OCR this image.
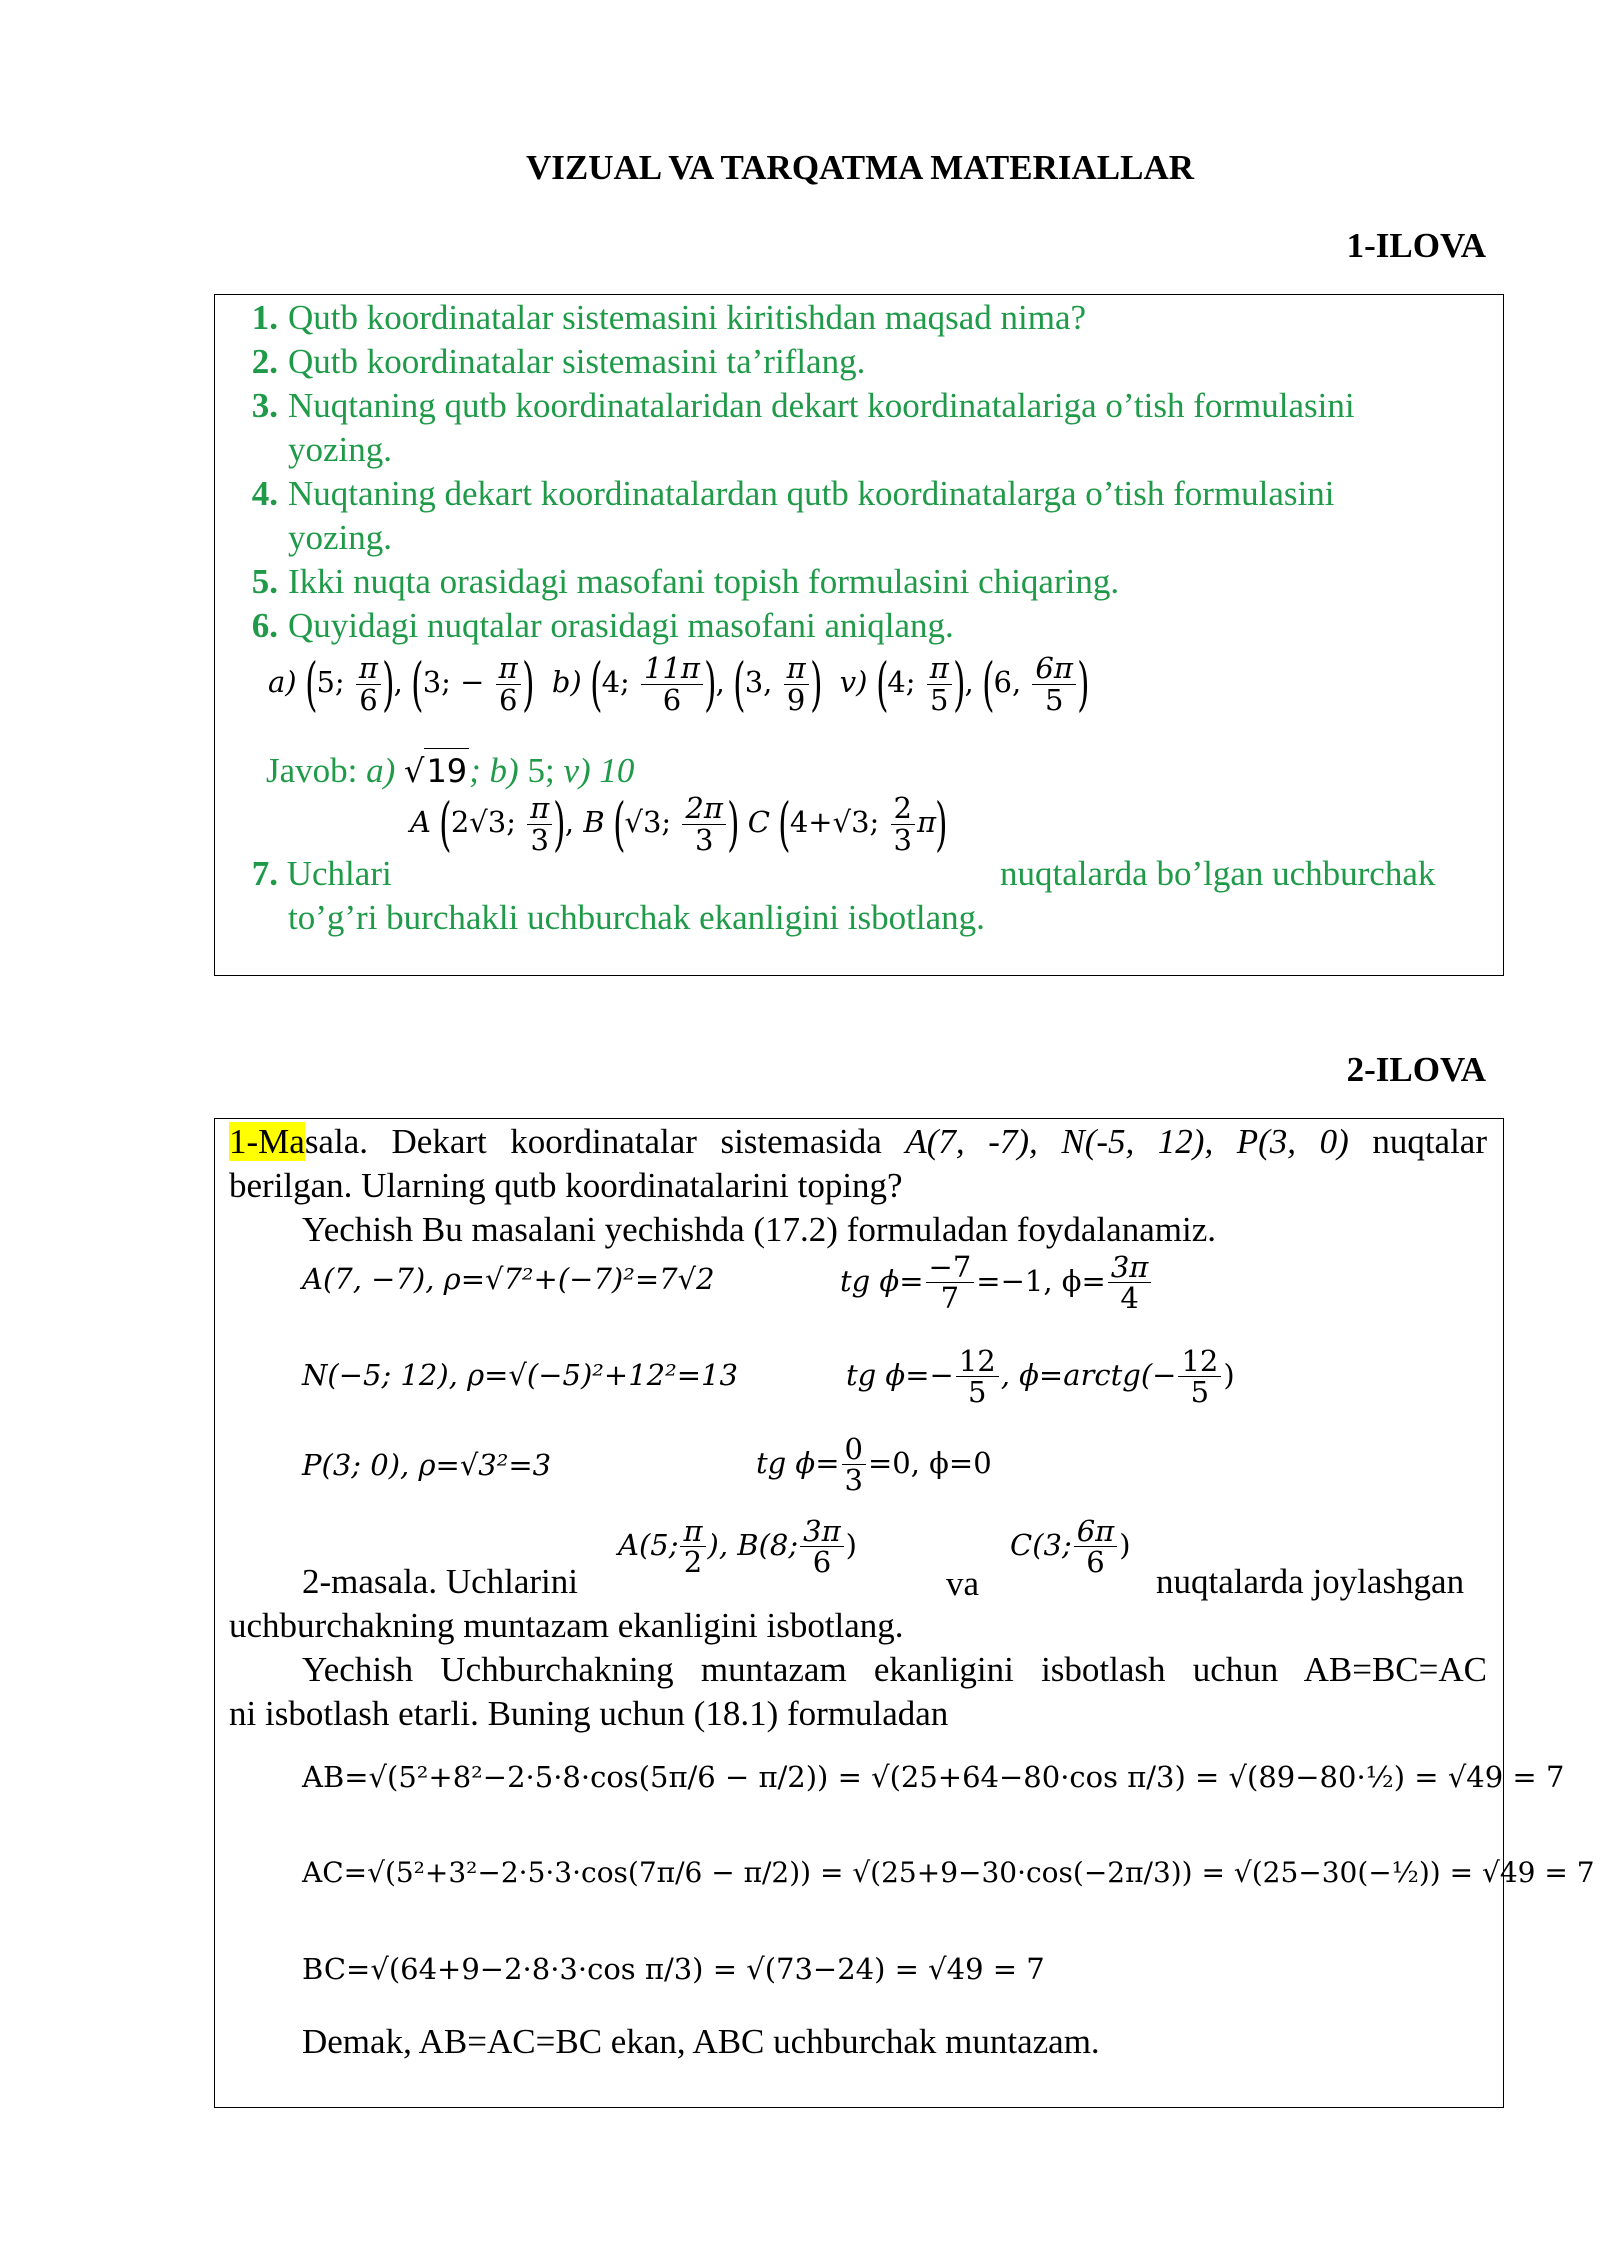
VIZUAL VA TARQATMA MATERIALLAR
1-ILOVA
1. Qutb koordinatalar sistemasini kiritishdan maqsad nima?
2. Qutb koordinatalar sistemasini ta’riflang.
3. Nuqtaning qutb koordinatalaridan dekart koordinatalariga o’tish formulasini
yozing.
4. Nuqtaning dekart koordinatalardan qutb koordinatalarga o’tish formulasini
yozing.
5. Ikki nuqta orasidagi masofani topish formulasini chiqaring.
6. Quyidagi nuqtalar orasidagi masofani aniqlang.
a) (5; $\frac{\pi}{6}$ ), (3; − $\frac{\pi}{6}$ ) b) (4; $\frac{11\pi}{6}$ ), (3, $\frac{\pi}{9}$ ) v) (4; $\frac{\pi}{5}$ ), (6, $\frac{6\pi}{5}$ )
Javob: a) √19; b) 5; v) 10
7. Uchlari
A (2√3; $\frac{\pi}{3}$ ), B (√3; $\frac{2\pi}{3}$ ) C (4+√3; $\frac{2}{3} \pi$)
nuqtalarda bo’lgan uchburchak
to’g’ri burchakli uchburchak ekanligini isbotlang.
2-ILOVA
1-Masala. Dekart koordinatalar sistemasida A(7, -7), N(-5, 12), P(3, 0) nuqtalar
berilgan. Ularning qutb koordinatalarini toping?
Yechish Bu masalani yechishda (17.2) formuladan foydalanamiz.
A(7, −7), ρ=√7²+(−7)²=7√2	tg $\phi= \frac{-7}{7} =-1$, $\phi= \frac{3\pi}{4}$
N(−5; 12), ρ=√(−5)²+12²=13	tg $\phi=- \frac{12}{5}$ , ϕ=arctg(− $\frac{12}{5}$ )
P(3; 0), ρ=√3²=3	tg $\phi= \frac{0}{3} =0$, ϕ=0
A(5; $\frac{\pi}{2}$ ), B(8; $\frac{3\pi}{6}$ )	C(3; $\frac{6\pi}{6}$ )
2-masala. Uchlarini	va	nuqtalarda joylashgan
uchburchakning muntazam ekanligini isbotlang.
Yechish Uchburchakning muntazam ekanligini isbotlash uchun AB=BC=AC
ni isbotlash etarli. Buning uchun (18.1) formuladan
AB=√(5²+8²−2·5·8·cos(5π/6 − π/2)) = √(25+64−80·cos π/3) = √(89−80·½) = √49 = 7
AC=√(5²+3²−2·5·3·cos(7π/6 − π/2)) = √(25+9−30·cos(−2π/3)) = √(25−30(−½)) = √49 = 7
BC=√(64+9−2·8·3·cos π/3) = √(73−24) = √49 = 7
Demak, AB=AC=BC ekan, ABC uchburchak muntazam.
